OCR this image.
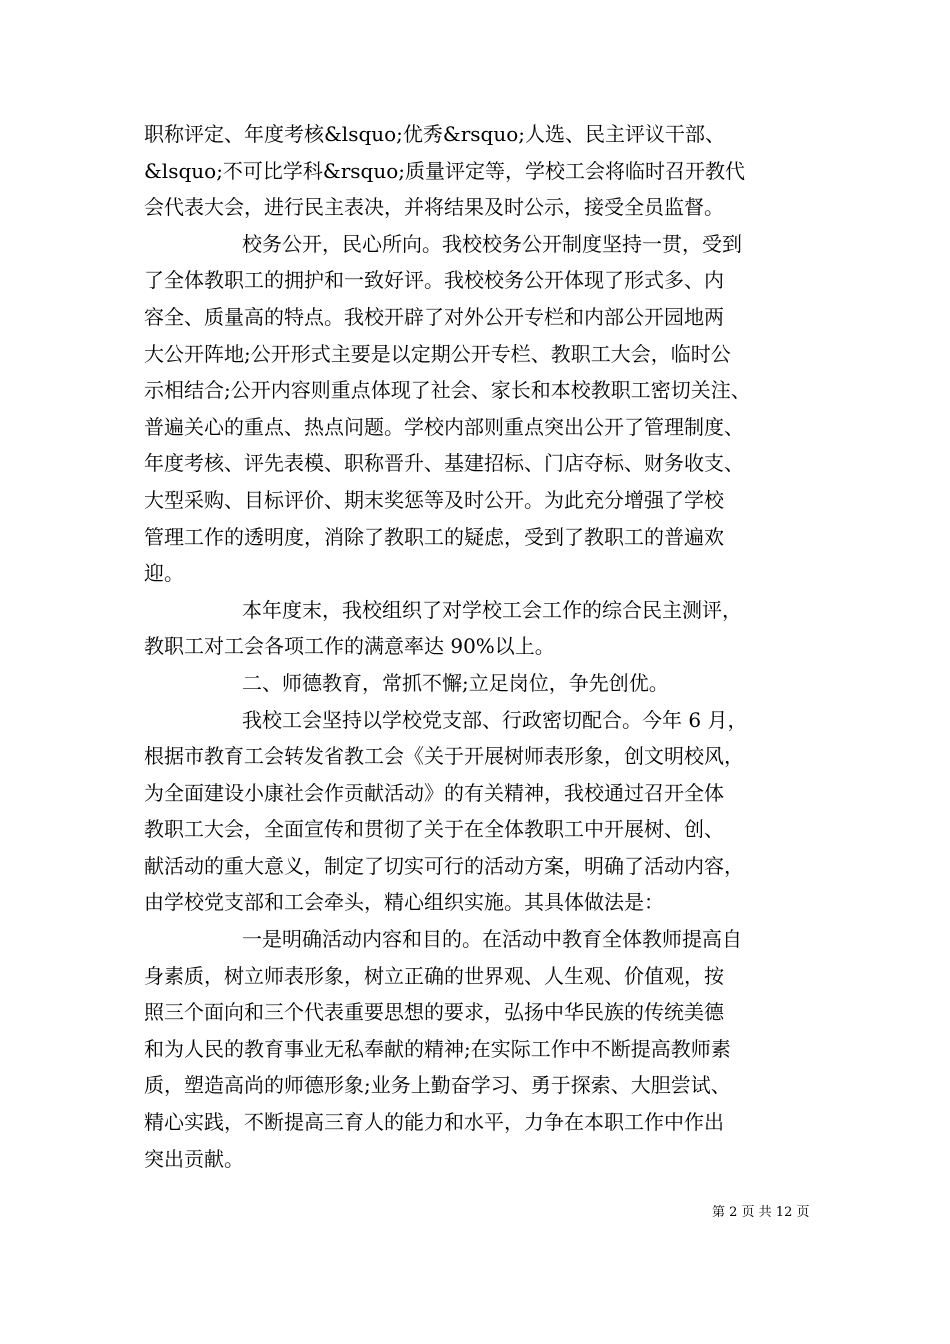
职称评定、年度考核&lsquo;优秀&rsquo;人选、民主评议干部、
&lsquo;不可比学科&rsquo;质量评定等，学校工会将临时召开教代
会代表大会，进行民主表决，并将结果及时公示，接受全员监督。
校务公开，民心所向。我校校务公开制度坚持一贯，受到
了全体教职工的拥护和一致好评。我校校务公开体现了形式多、内
容全、质量高的特点。我校开辟了对外公开专栏和内部公开园地两
大公开阵地;公开形式主要是以定期公开专栏、教职工大会，临时公
示相结合;公开内容则重点体现了社会、家长和本校教职工密切关注、
普遍关心的重点、热点问题。学校内部则重点突出公开了管理制度、
年度考核、评先表模、职称晋升、基建招标、门店夺标、财务收支、
大型采购、目标评价、期末奖惩等及时公开。为此充分增强了学校
管理工作的透明度，消除了教职工的疑虑，受到了教职工的普遍欢
迎。
本年度末，我校组织了对学校工会工作的综合民主测评，
教职工对工会各项工作的满意率达 90%以上。
二、师德教育，常抓不懈;立足岗位，争先创优。
我校工会坚持以学校党支部、行政密切配合。今年 6 月，
根据市教育工会转发省教工会《关于开展树师表形象，创文明校风，
为全面建设小康社会作贡献活动》的有关精神，我校通过召开全体
教职工大会，全面宣传和贯彻了关于在全体教职工中开展树、创、
献活动的重大意义，制定了切实可行的活动方案，明确了活动内容，
由学校党支部和工会牵头，精心组织实施。其具体做法是：
一是明确活动内容和目的。在活动中教育全体教师提高自
身素质，树立师表形象，树立正确的世界观、人生观、价值观，按
照三个面向和三个代表重要思想的要求，弘扬中华民族的传统美德
和为人民的教育事业无私奉献的精神;在实际工作中不断提高教师素
质，塑造高尚的师德形象;业务上勤奋学习、勇于探索、大胆尝试、
精心实践，不断提高三育人的能力和水平，力争在本职工作中作出
突出贡献。
第 2 页 共 12 页
